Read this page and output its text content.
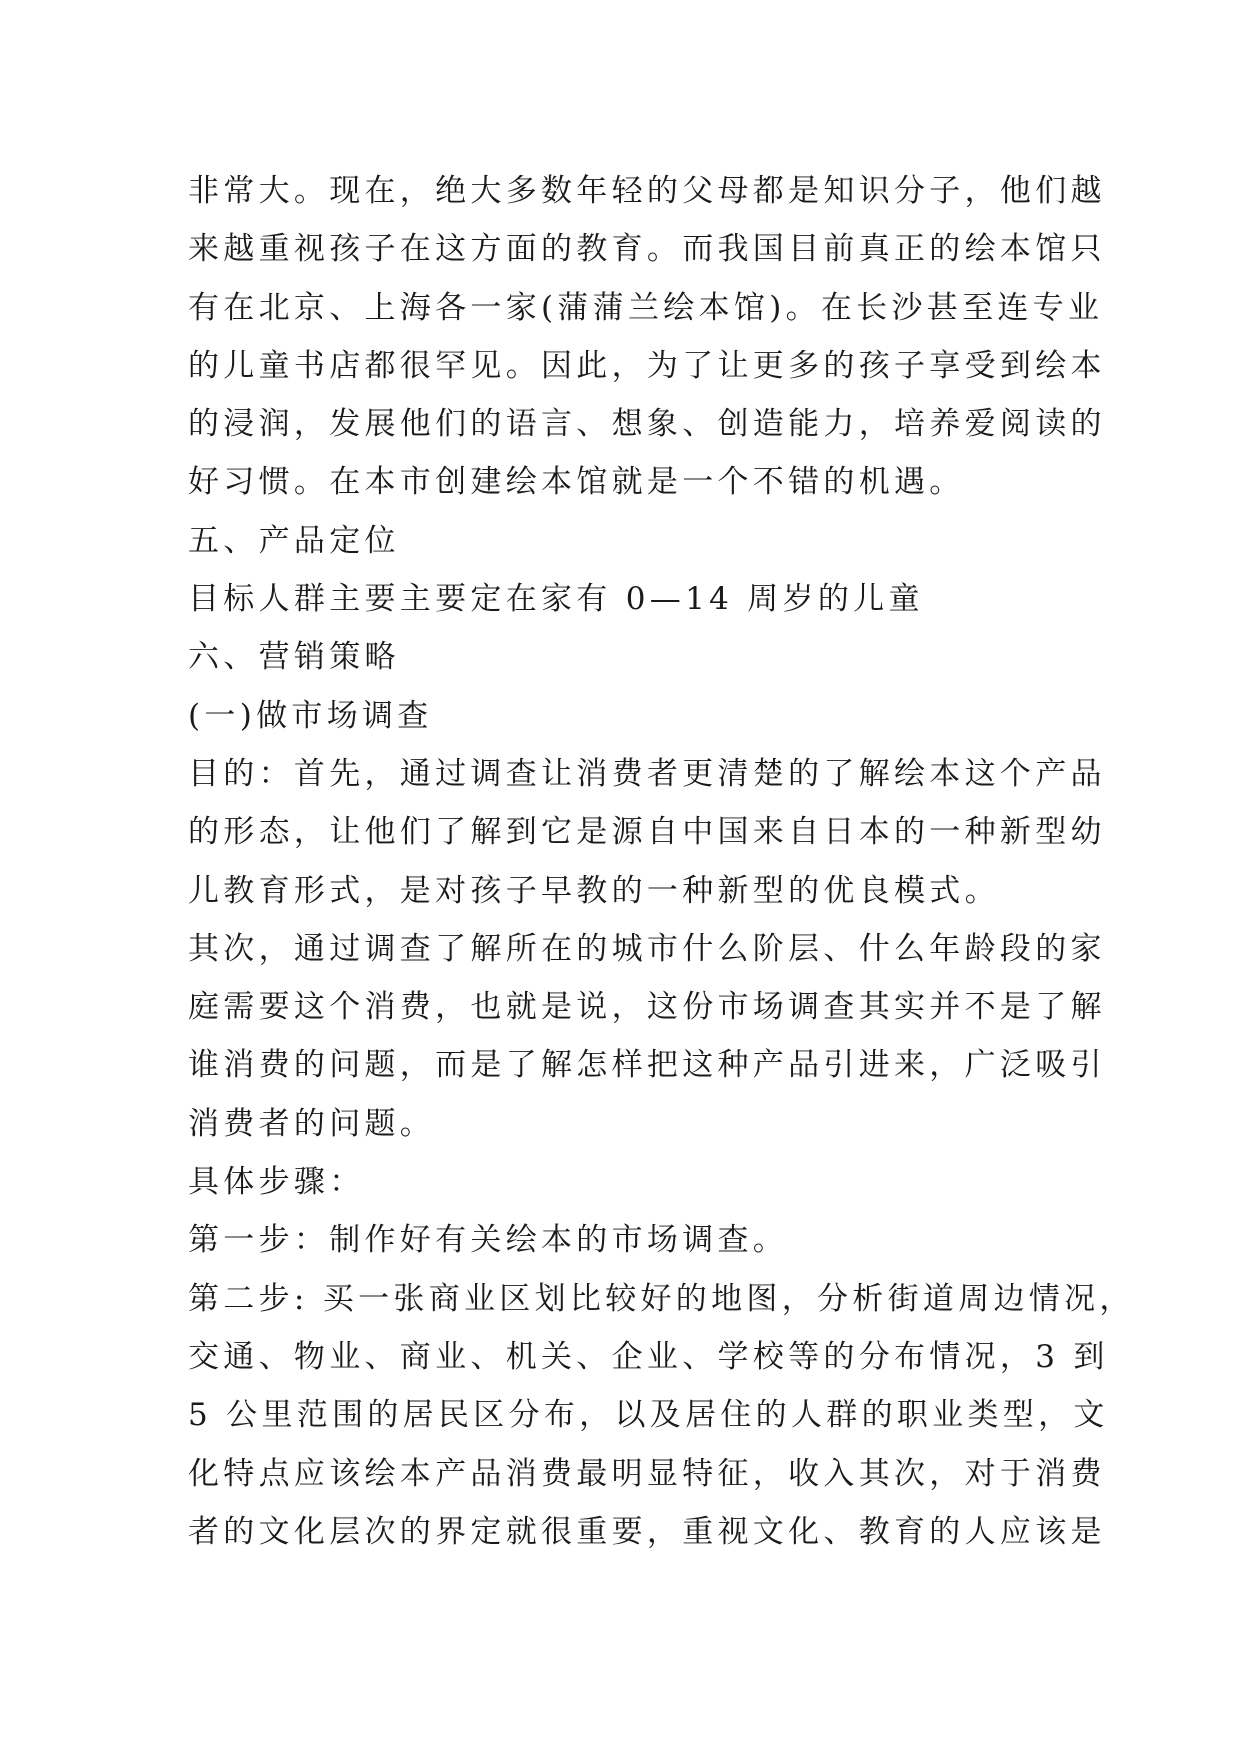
非常大。现在，绝大多数年轻的父母都是知识分子，他们越
来越重视孩子在这方面的教育。而我国目前真正的绘本馆只
有在北京、上海各一家(蒲蒲兰绘本馆)。在长沙甚至连专业
的儿童书店都很罕见。因此，为了让更多的孩子享受到绘本
的浸润，发展他们的语言、想象、创造能力，培养爱阅读的
好习惯。在本市创建绘本馆就是一个不错的机遇。
五、产品定位
目标人群主要主要定在家有 0—14 周岁的儿童
六、营销策略
(一)做市场调查
目的：首先，通过调查让消费者更清楚的了解绘本这个产品
的形态，让他们了解到它是源自中国来自日本的一种新型幼
儿教育形式，是对孩子早教的一种新型的优良模式。
其次，通过调查了解所在的城市什么阶层、什么年龄段的家
庭需要这个消费，也就是说，这份市场调查其实并不是了解
谁消费的问题，而是了解怎样把这种产品引进来，广泛吸引
消费者的问题。
具体步骤：
第一步：制作好有关绘本的市场调查。
第二步: 买一张商业区划比较好的地图，分析街道周边情况，
交通、物业、商业、机关、企业、学校等的分布情况，3 到
5 公里范围的居民区分布，以及居住的人群的职业类型，文
化特点应该绘本产品消费最明显特征，收入其次，对于消费
者的文化层次的界定就很重要，重视文化、教育的人应该是
